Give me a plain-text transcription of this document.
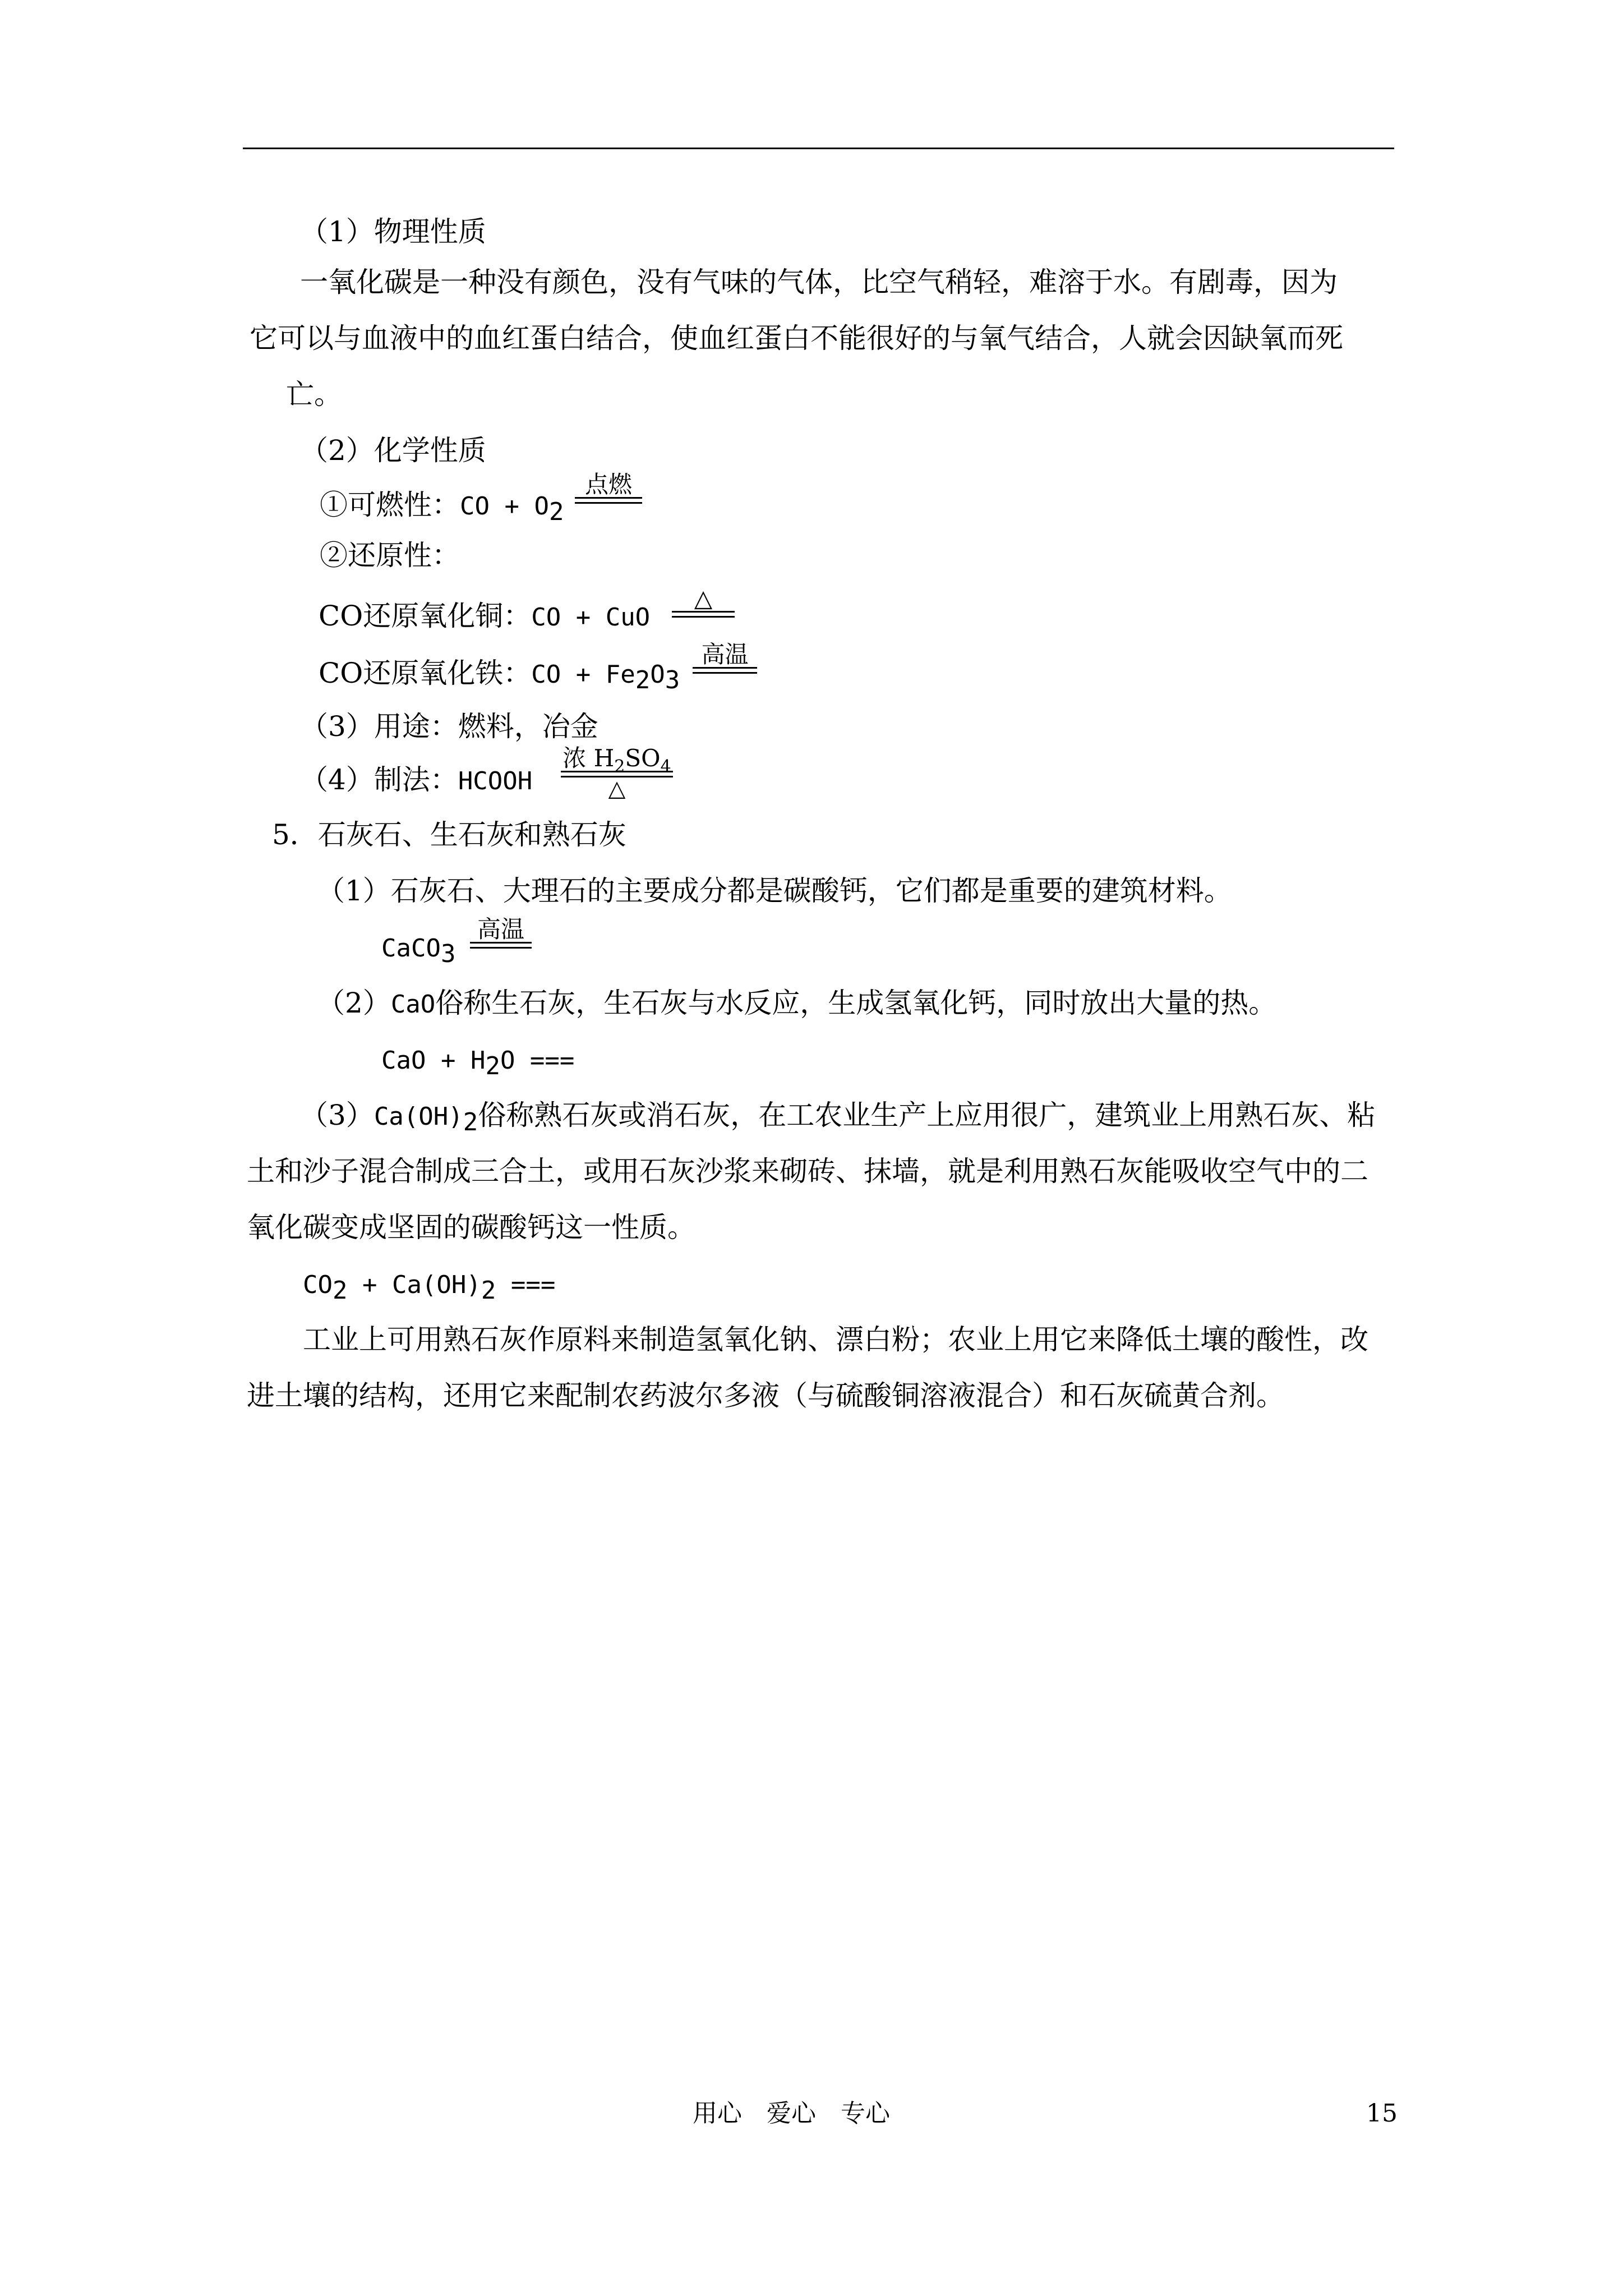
（1）物理性质
一氧化碳是一种没有颜色，没有气味的气体，比空气稍轻，难溶于水。有剧毒，因为
它可以与血液中的血红蛋白结合，使血红蛋白不能很好的与氧气结合，人就会因缺氧而死
亡。
（2）化学性质
①可燃性：CO + $O_2$
点燃
②还原性：
CO还原氧化铜：CO + CuO
△
CO还原氧化铁：CO + $Fe_2O_3$
高温
（3）用途：燃料，冶金
（4）制法：HCOOH
浓 $H_2SO_4$
△
5．石灰石、生石灰和熟石灰
（1）石灰石、大理石的主要成分都是碳酸钙，它们都是重要的建筑材料。
CaCO$_3$
高温
（2）CaO俗称生石灰，生石灰与水反应，生成氢氧化钙，同时放出大量的热。
CaO + $H_2O$ ===
$(3)Ca(OH)_2$俗称熟石灰或消石灰，在工农业生产上应用很广，建筑业上用熟石灰、粘
土和沙子混合制成三合土，或用石灰沙浆来砌砖、抹墙，就是利用熟石灰能吸收空气中的二
氧化碳变成坚固的碳酸钙这一性质。
$CO_2 + Ca(OH)_2$ ===
工业上可用熟石灰作原料来制造氢氧化钠、漂白粉；农业上用它来降低土壤的酸性，改
进土壤的结构，还用它来配制农药波尔多液（与硫酸铜溶液混合）和石灰硫黄合剂。
用心　爱心　专心	15
